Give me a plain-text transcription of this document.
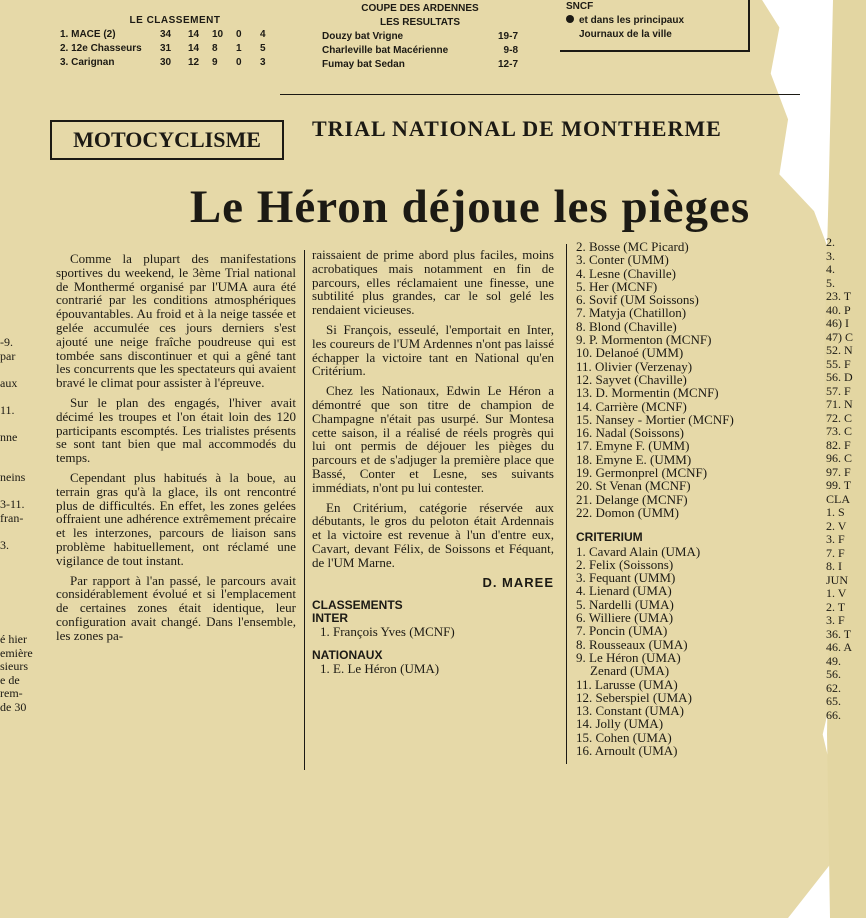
LE CLASSEMENT
1. MACE (2)	34	14	10	0	4
2. 12e Chasseurs	31	14	8	1	5
3. Carignan	30	12	9	0	3
COUPE DES ARDENNES
LES RESULTATS
Douzy bat Vrigne	19-7
Charleville bat Macérienne	9-8
Fumay bat Sedan	12-7
SNCF
et dans les principaux
Journaux de la ville
MOTOCYCLISME	TRIAL NATIONAL DE MONTHERME
Le Héron déjoue les pièges

Comme la plupart des manifestations sportives du weekend, le 3ème Trial national de Monthermé organisé par l'UMA aura été contrarié par les conditions atmosphériques épouvantables. Au froid et à la neige tassée et gelée accumulée ces jours derniers s'est ajouté une neige fraîche poudreuse qui est tombée sans discontinuer et qui a gêné tant les concurrents que les spectateurs qui avaient bravé le climat pour assister à l'épreuve.

Sur le plan des engagés, l'hiver avait décimé les troupes et l'on était loin des 120 participants escomptés. Les trialistes présents se sont tant bien que mal accommodés du temps.

Cependant plus habitués à la boue, au terrain gras qu'à la glace, ils ont rencontré plus de difficultés. En effet, les zones gelées offraient une adhérence extrêmement précaire et les interzones, parcours de liaison sans problème habituellement, ont réclamé une vigilance de tout instant.

Par rapport à l'an passé, le parcours avait considérablement évolué et si l'emplacement de certaines zones était identique, leur configuration avait changé. Dans l'ensemble, les zones pa-

raissaient de prime abord plus faciles, moins acrobatiques mais notamment en fin de parcours, elles réclamaient une finesse, une subtilité plus grandes, car le sol gelé les rendaient vicieuses.

Si François, esseulé, l'emportait en Inter, les coureurs de l'UM Ardennes n'ont pas laissé échapper la victoire tant en National qu'en Critérium.

Chez les Nationaux, Edwin Le Héron a démontré que son titre de champion de Champagne n'était pas usurpé. Sur Montesa cette saison, il a réalisé de réels progrès qui lui ont permis de déjouer les pièges du parcours et de s'adjuger la première place que Bassé, Conter et Lesne, ses suivants immédiats, n'ont pu lui contester.

En Critérium, catégorie réservée aux débutants, le gros du peloton était Ardennais et la victoire est revenue à l'un d'entre eux, Cavart, devant Félix, de Soissons et Féquant, de l'UM Marne.

D. MAREE
CLASSEMENTS
INTER
1. François Yves (MCNF)
NATIONAUX
1. E. Le Héron (UMA)
2. Bosse (MC Picard)
3. Conter (UMM)
4. Lesne (Chaville)
5. Her (MCNF)
6. Sovif (UM Soissons)
7. Matyja (Chatillon)
8. Blond (Chaville)
9. P. Mormenton (MCNF)
10. Delanoé (UMM)
11. Olivier (Verzenay)
12. Sayvet (Chaville)
13. D. Mormentin (MCNF)
14. Carrière (MCNF)
15. Nansey - Mortier (MCNF)
16. Nadal (Soissons)
17. Emyne F. (UMM)
18. Emyne E. (UMM)
19. Germonprel (MCNF)
20. St Venan (MCNF)
21. Delange (MCNF)
22. Domon (UMM)
CRITERIUM
1. Cavard Alain (UMA)
2. Felix (Soissons)
3. Fequant (UMM)
4. Lienard (UMA)
5. Nardelli (UMA)
6. Williere (UMA)
7. Poncin (UMA)
8. Rousseaux (UMA)
9. Le Héron (UMA)
Zenard (UMA)
11. Larusse (UMA)
12. Seberspiel (UMA)
13. Constant (UMA)
14. Jolly (UMA)
15. Cohen (UMA)
16. Arnoult (UMA)
-9.
par

aux

11.

nne

neins

3-11.
fran-

3.

é hier
emière
sieurs
e de
rem-
de 30
2.
3.
4.
5.
23. T
40. P
46) I
47) C
52. N
55. F
56. D
57. F
71. N
72. C
73. C
82. F
96. C
97. F
99. T
CLA
1. S
2. V
3. F
7. F
8. I
JUN
1. V
2. T
3. F
36. T
46. A
49.
56.
62.
65.
66.
